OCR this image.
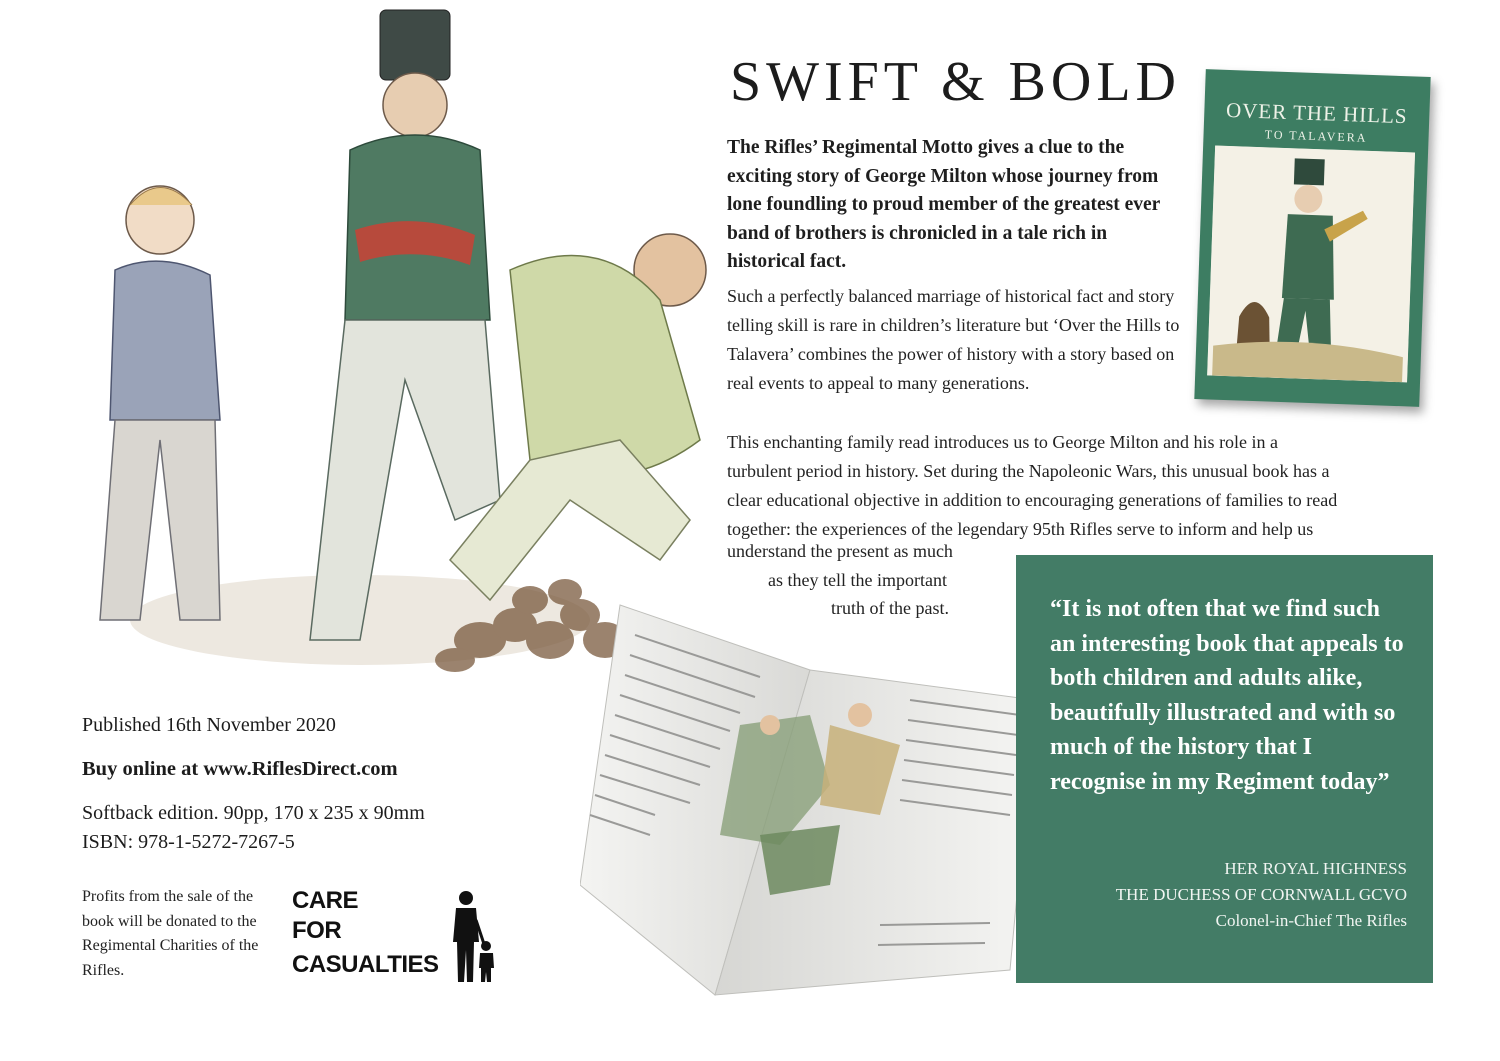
SWIFT & BOLD

The Rifles’ Regimental Motto gives a clue to the exciting story of George Milton whose journey from lone foundling to proud member of the greatest ever band of brothers is chronicled in a tale rich in historical fact.

Such a perfectly balanced marriage of historical fact and story telling skill is rare in children’s literature but ‘Over the Hills to Talavera’ combines the power of history with a story based on real events to appeal to many generations.

This enchanting family read introduces us to George Milton and his role in a
turbulent period in history. Set during the Napoleonic Wars, this unusual book has a
clear educational objective in addition to encouraging generations of families to read
together: the experiences of the legendary 95th Rifles serve to inform and help us

understand the present as much

as they tell the important

truth of the past.

OVER THE HILLS

TO TALAVERA

“It is not often that we find such an interesting book that appeals to both children and adults alike, beautifully illustrated and with so much of the history that I recognise in my Regiment today”

HER ROYAL HIGHNESS

THE DUCHESS OF CORNWALL GCVO

Colonel-in-Chief The Rifles

Published 16th November 2020

Buy online at www.RiflesDirect.com

Softback edition. 90pp, 170 x 235 x 90mm

ISBN: 978-1-5272-7267-5

Profits from the sale of the book will be donated to the Regimental Charities of the Rifles.

CARE

FOR

CASUALTIES
